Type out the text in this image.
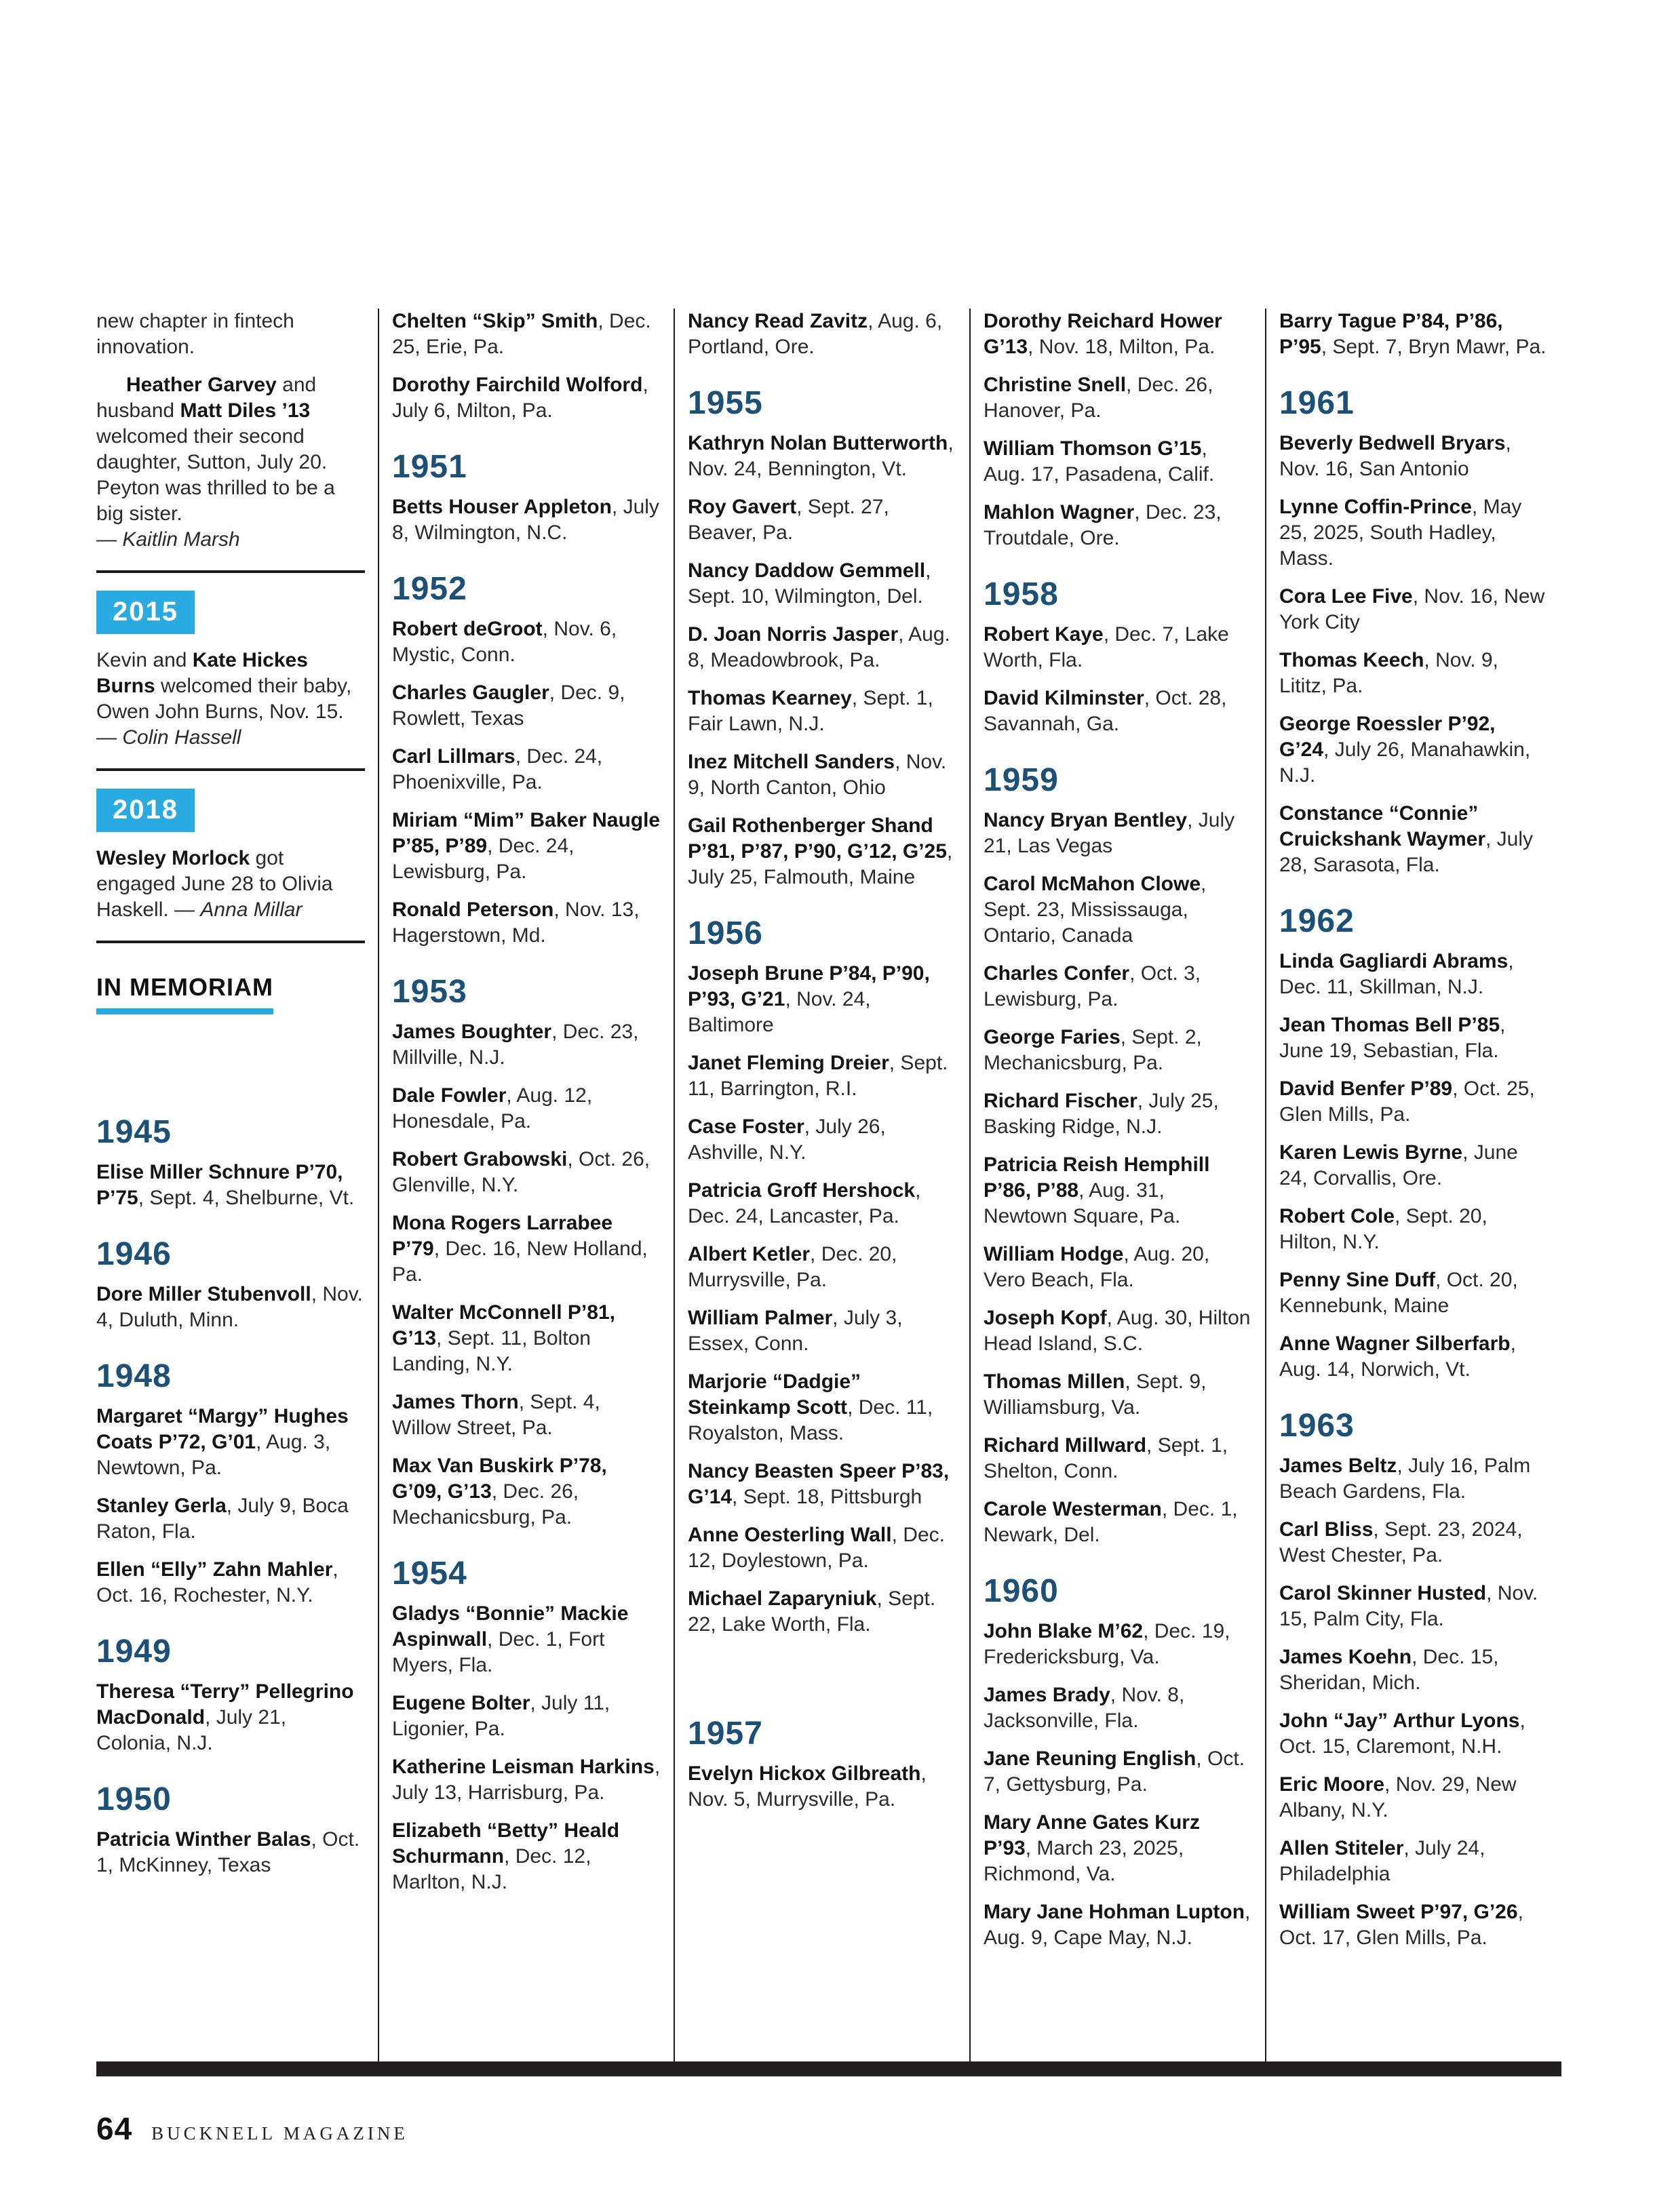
new chapter in fintech innovation.

Heather Garvey and husband Matt Diles ’13 welcomed their second daughter, Sutton, July 20. Peyton was thrilled to be a big sister.

— Kaitlin Marsh

2015

Kevin and Kate Hickes Burns welcomed their baby, Owen John Burns, Nov. 15. — Colin Hassell

2018

Wesley Morlock got engaged June 28 to Olivia Haskell. — Anna Millar

IN MEMORIAM
1945

Elise Miller Schnure P’70, P’75, Sept. 4, Shelburne, Vt.

1946

Dore Miller Stubenvoll, Nov. 4, Duluth, Minn.

1948

Margaret “Margy” Hughes Coats P’72, G’01, Aug. 3, Newtown, Pa.

Stanley Gerla, July 9, Boca Raton, Fla.

Ellen “Elly” Zahn Mahler, Oct. 16, Rochester, N.Y.

1949

Theresa “Terry” Pellegrino MacDonald, July 21, Colonia, N.J.

1950

Patricia Winther Balas, Oct. 1, McKinney, Texas

Chelten “Skip” Smith, Dec. 25, Erie, Pa.

Dorothy Fairchild Wolford, July 6, Milton, Pa.

1951

Betts Houser Appleton, July 8, Wilmington, N.C.

1952

Robert deGroot, Nov. 6, Mystic, Conn.

Charles Gaugler, Dec. 9, Rowlett, Texas

Carl Lillmars, Dec. 24, Phoenixville, Pa.

Miriam “Mim” Baker Naugle P’85, P’89, Dec. 24, Lewisburg, Pa.

Ronald Peterson, Nov. 13, Hagerstown, Md.

1953

James Boughter, Dec. 23, Millville, N.J.

Dale Fowler, Aug. 12, Honesdale, Pa.

Robert Grabowski, Oct. 26, Glenville, N.Y.

Mona Rogers Larrabee P’79, Dec. 16, New Holland, Pa.

Walter McConnell P’81, G’13, Sept. 11, Bolton Landing, N.Y.

James Thorn, Sept. 4, Willow Street, Pa.

Max Van Buskirk P’78, G’09, G’13, Dec. 26, Mechanicsburg, Pa.

1954

Gladys “Bonnie” Mackie Aspinwall, Dec. 1, Fort Myers, Fla.

Eugene Bolter, July 11, Ligonier, Pa.

Katherine Leisman Harkins, July 13, Harrisburg, Pa.

Elizabeth “Betty” Heald Schurmann, Dec. 12, Marlton, N.J.

Nancy Read Zavitz, Aug. 6, Portland, Ore.

1955

Kathryn Nolan Butterworth, Nov. 24, Bennington, Vt.

Roy Gavert, Sept. 27, Beaver, Pa.

Nancy Daddow Gemmell, Sept. 10, Wilmington, Del.

D. Joan Norris Jasper, Aug. 8, Meadowbrook, Pa.

Thomas Kearney, Sept. 1, Fair Lawn, N.J.

Inez Mitchell Sanders, Nov. 9, North Canton, Ohio

Gail Rothenberger Shand P’81, P’87, P’90, G’12, G’25, July 25, Falmouth, Maine

1956

Joseph Brune P’84, P’90, P’93, G’21, Nov. 24, Baltimore

Janet Fleming Dreier, Sept. 11, Barrington, R.I.

Case Foster, July 26, Ashville, N.Y.

Patricia Groff Hershock, Dec. 24, Lancaster, Pa.

Albert Ketler, Dec. 20, Murrysville, Pa.

William Palmer, July 3, Essex, Conn.

Marjorie “Dadgie” Steinkamp Scott, Dec. 11, Royalston, Mass.

Nancy Beasten Speer P’83, G’14, Sept. 18, Pittsburgh

Anne Oesterling Wall, Dec. 12, Doylestown, Pa.

Michael Zaparyniuk, Sept. 22, Lake Worth, Fla.

1957

Evelyn Hickox Gilbreath, Nov. 5, Murrysville, Pa.

Dorothy Reichard Hower G’13, Nov. 18, Milton, Pa.

Christine Snell, Dec. 26, Hanover, Pa.

William Thomson G’15, Aug. 17, Pasadena, Calif.

Mahlon Wagner, Dec. 23, Troutdale, Ore.

1958

Robert Kaye, Dec. 7, Lake Worth, Fla.

David Kilminster, Oct. 28, Savannah, Ga.

1959

Nancy Bryan Bentley, July 21, Las Vegas

Carol McMahon Clowe, Sept. 23, Mississauga, Ontario, Canada

Charles Confer, Oct. 3, Lewisburg, Pa.

George Faries, Sept. 2, Mechanicsburg, Pa.

Richard Fischer, July 25, Basking Ridge, N.J.

Patricia Reish Hemphill P’86, P’88, Aug. 31, Newtown Square, Pa.

William Hodge, Aug. 20, Vero Beach, Fla.

Joseph Kopf, Aug. 30, Hilton Head Island, S.C.

Thomas Millen, Sept. 9, Williamsburg, Va.

Richard Millward, Sept. 1, Shelton, Conn.

Carole Westerman, Dec. 1, Newark, Del.

1960

John Blake M’62, Dec. 19, Fredericksburg, Va.

James Brady, Nov. 8, Jacksonville, Fla.

Jane Reuning English, Oct. 7, Gettysburg, Pa.

Mary Anne Gates Kurz P’93, March 23, 2025, Richmond, Va.

Mary Jane Hohman Lupton, Aug. 9, Cape May, N.J.

Barry Tague P’84, P’86, P’95, Sept. 7, Bryn Mawr, Pa.

1961

Beverly Bedwell Bryars, Nov. 16, San Antonio

Lynne Coffin-Prince, May 25, 2025, South Hadley, Mass.

Cora Lee Five, Nov. 16, New York City

Thomas Keech, Nov. 9, Lititz, Pa.

George Roessler P’92, G’24, July 26, Manahawkin, N.J.

Constance “Connie” Cruickshank Waymer, July 28, Sarasota, Fla.

1962

Linda Gagliardi Abrams, Dec. 11, Skillman, N.J.

Jean Thomas Bell P’85, June 19, Sebastian, Fla.

David Benfer P’89, Oct. 25, Glen Mills, Pa.

Karen Lewis Byrne, June 24, Corvallis, Ore.

Robert Cole, Sept. 20, Hilton, N.Y.

Penny Sine Duff, Oct. 20, Kennebunk, Maine

Anne Wagner Silberfarb, Aug. 14, Norwich, Vt.

1963

James Beltz, July 16, Palm Beach Gardens, Fla.

Carl Bliss, Sept. 23, 2024, West Chester, Pa.

Carol Skinner Husted, Nov. 15, Palm City, Fla.

James Koehn, Dec. 15, Sheridan, Mich.

John “Jay” Arthur Lyons, Oct. 15, Claremont, N.H.

Eric Moore, Nov. 29, New Albany, N.Y.

Allen Stiteler, July 24, Philadelphia

William Sweet P’97, G’26, Oct. 17, Glen Mills, Pa.

64 BUCKNELL MAGAZINE
